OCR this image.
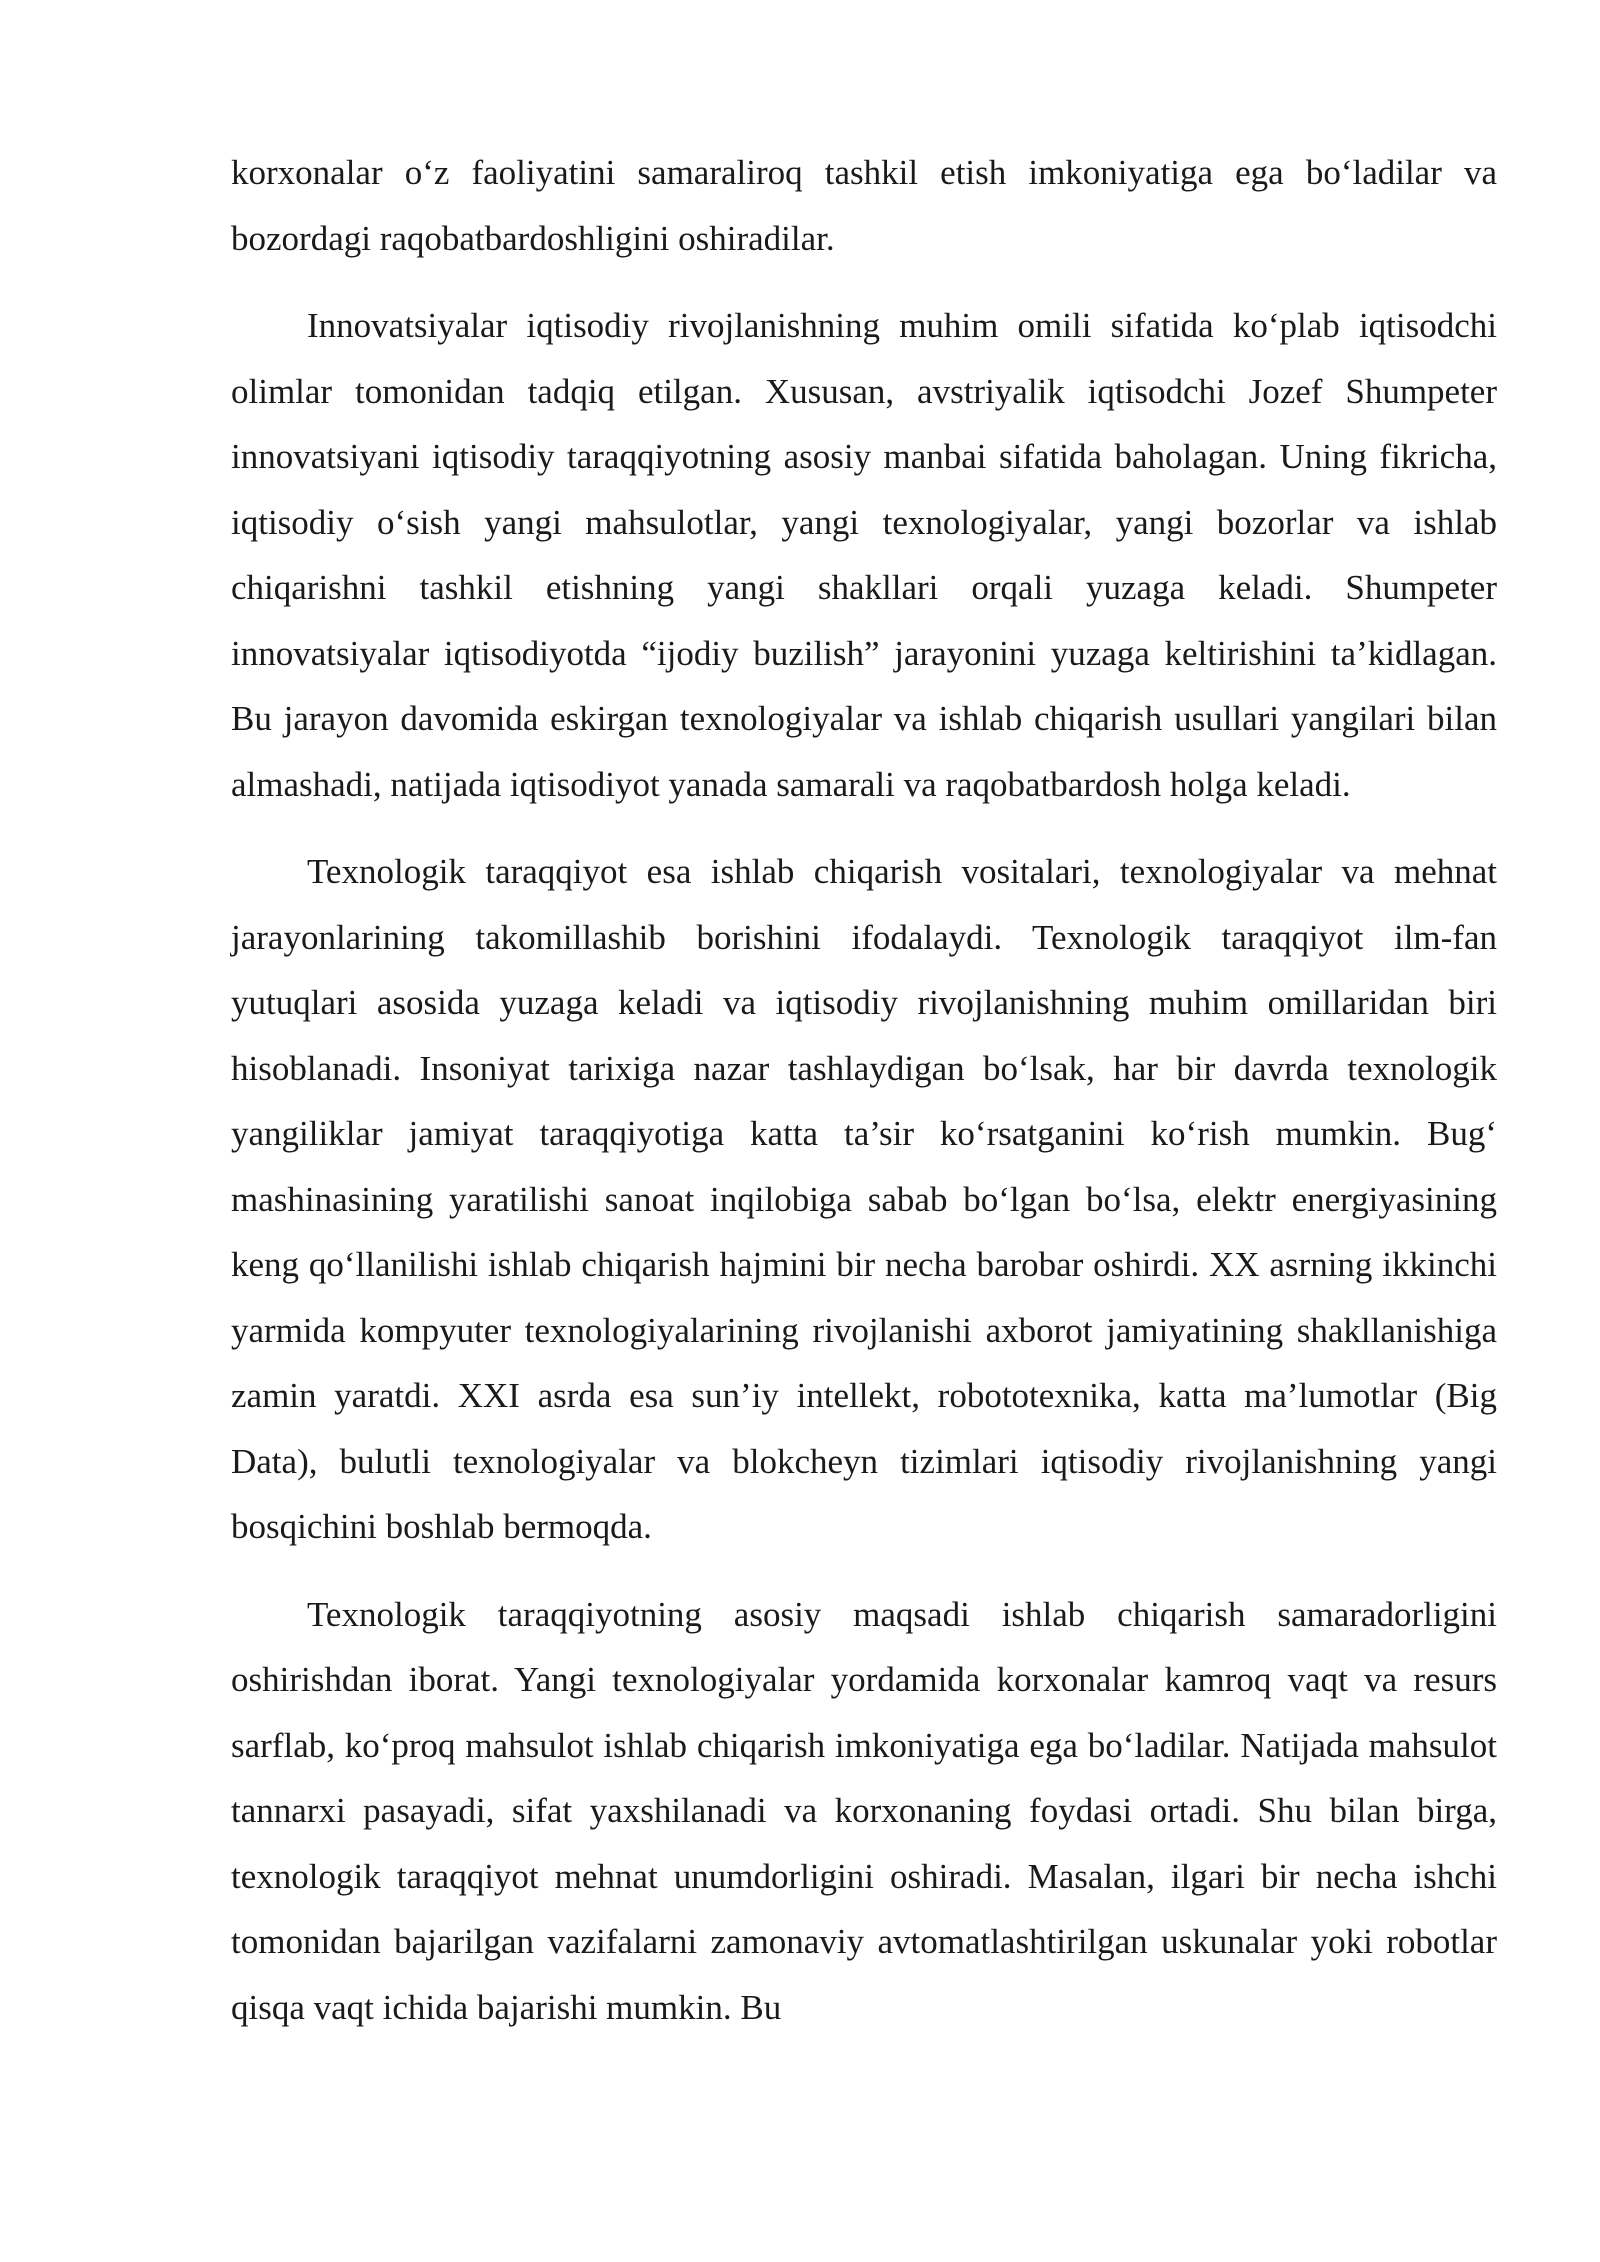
korxonalar o‘z faoliyatini samaraliroq tashkil etish imkoniyatiga ega bo‘ladilar va bozordagi raqobatbardoshligini oshiradilar.

Innovatsiyalar iqtisodiy rivojlanishning muhim omili sifatida ko‘plab iqtisodchi olimlar tomonidan tadqiq etilgan. Xususan, avstriyalik iqtisodchi Jozef Shumpeter innovatsiyani iqtisodiy taraqqiyotning asosiy manbai sifatida baholagan. Uning fikricha, iqtisodiy o‘sish yangi mahsulotlar, yangi texnologiyalar, yangi bozorlar va ishlab chiqarishni tashkil etishning yangi shakllari orqali yuzaga keladi. Shumpeter innovatsiyalar iqtisodiyotda “ijodiy buzilish” jarayonini yuzaga keltirishini ta’kidlagan. Bu jarayon davomida eskirgan texnologiyalar va ishlab chiqarish usullari yangilari bilan almashadi, natijada iqtisodiyot yanada samarali va raqobatbardosh holga keladi.

Texnologik taraqqiyot esa ishlab chiqarish vositalari, texnologiyalar va mehnat jarayonlarining takomillashib borishini ifodalaydi. Texnologik taraqqiyot ilm-fan yutuqlari asosida yuzaga keladi va iqtisodiy rivojlanishning muhim omillaridan biri hisoblanadi. Insoniyat tarixiga nazar tashlaydigan bo‘lsak, har bir davrda texnologik yangiliklar jamiyat taraqqiyotiga katta ta’sir ko‘rsatganini ko‘rish mumkin. Bug‘ mashinasining yaratilishi sanoat inqilobiga sabab bo‘lgan bo‘lsa, elektr energiyasining keng qo‘llanilishi ishlab chiqarish hajmini bir necha barobar oshirdi. XX asrning ikkinchi yarmida kompyuter texnologiyalarining rivojlanishi axborot jamiyatining shakllanishiga zamin yaratdi. XXI asrda esa sun’iy intellekt, robototexnika, katta ma’lumotlar (Big Data), bulutli texnologiyalar va blokcheyn tizimlari iqtisodiy rivojlanishning yangi bosqichini boshlab bermoqda.

Texnologik taraqqiyotning asosiy maqsadi ishlab chiqarish samaradorligini oshirishdan iborat. Yangi texnologiyalar yordamida korxonalar kamroq vaqt va resurs sarflab, ko‘proq mahsulot ishlab chiqarish imkoniyatiga ega bo‘ladilar. Natijada mahsulot tannarxi pasayadi, sifat yaxshilanadi va korxonaning foydasi ortadi. Shu bilan birga, texnologik taraqqiyot mehnat unumdorligini oshiradi. Masalan, ilgari bir necha ishchi tomonidan bajarilgan vazifalarni zamonaviy avtomatlashtirilgan uskunalar yoki robotlar qisqa vaqt ichida bajarishi mumkin. Bu
